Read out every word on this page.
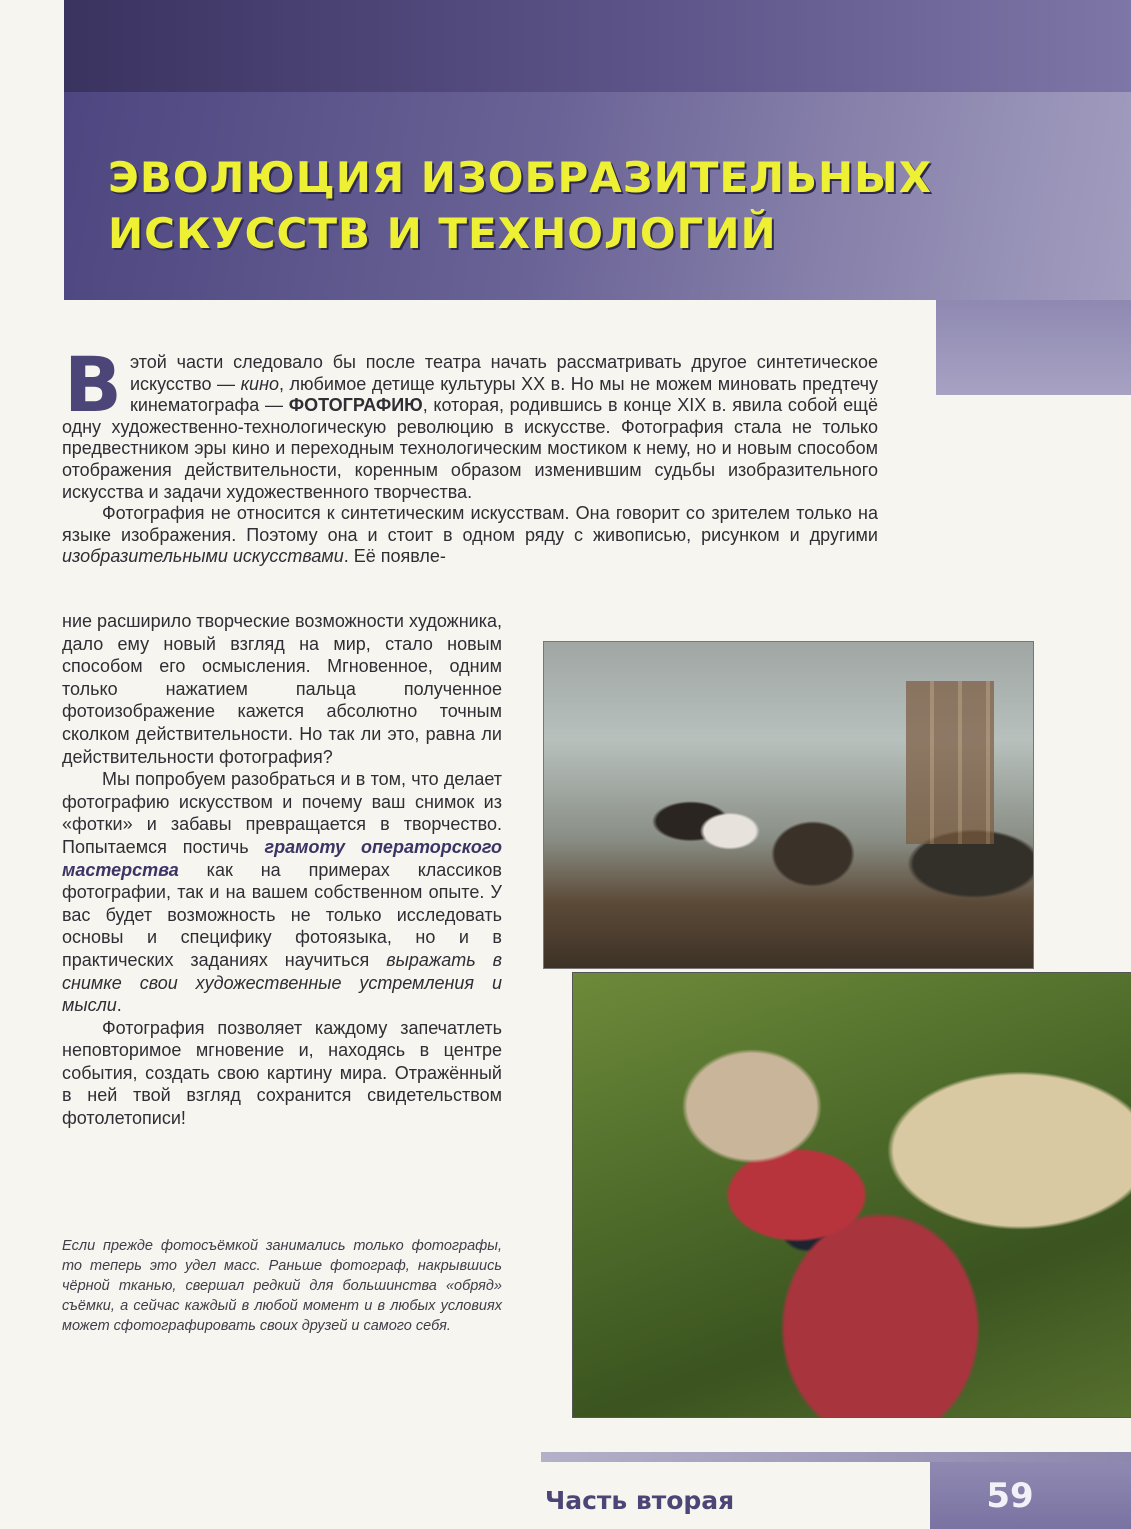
ЭВОЛЮЦИЯ ИЗОБРАЗИТЕЛЬНЫХ
ИСКУССТВ И ТЕХНОЛОГИЙ

В этой части следовало бы после театра начать рассматривать другое синтетическое искусство — кино, любимое детище культуры XX в. Но мы не можем миновать предтечу кинематографа — ФОТОГРАФИЮ, которая, родившись в конце XIX в. явила собой ещё одну художественно-технологическую революцию в искусстве. Фотография стала не только предвестником эры кино и переходным технологическим мостиком к нему, но и новым способом отображения действительности, коренным образом изменившим судьбы изобразительного искусства и задачи художественного творчества.

Фотография не относится к синтетическим искусствам. Она говорит со зрителем только на языке изображения. Поэтому она и стоит в одном ряду с живописью, рисунком и другими изобразительными искусствами. Её появле-

ние расширило творческие возможности художника, дало ему новый взгляд на мир, стало новым способом его осмысления. Мгновенное, одним только нажатием пальца полученное фотоизображение кажется абсолютно точным сколком действительности. Но так ли это, равна ли действительности фотография?

Мы попробуем разобраться и в том, что делает фотографию искусством и почему ваш снимок из «фотки» и забавы превращается в творчество. Попытаемся постичь грамоту операторского мастерства как на примерах классиков фотографии, так и на вашем собственном опыте. У вас будет возможность не только исследовать основы и специфику фотоязыка, но и в практических заданиях научиться выражать в снимке свои художественные устремления и мысли.

Фотография позволяет каждому запечатлеть неповторимое мгновение и, находясь в центре события, создать свою картину мира. Отражённый в ней твой взгляд сохранится свидетельством фотолетописи!

Если прежде фотосъёмкой занимались только фотографы, то теперь это удел масс. Раньше фотограф, накрывшись чёрной тканью, свершал редкий для большинства «обряд» съёмки, а сейчас каждый в любой момент и в любых условиях может сфотографировать своих друзей и самого себя.

Часть вторая	59
